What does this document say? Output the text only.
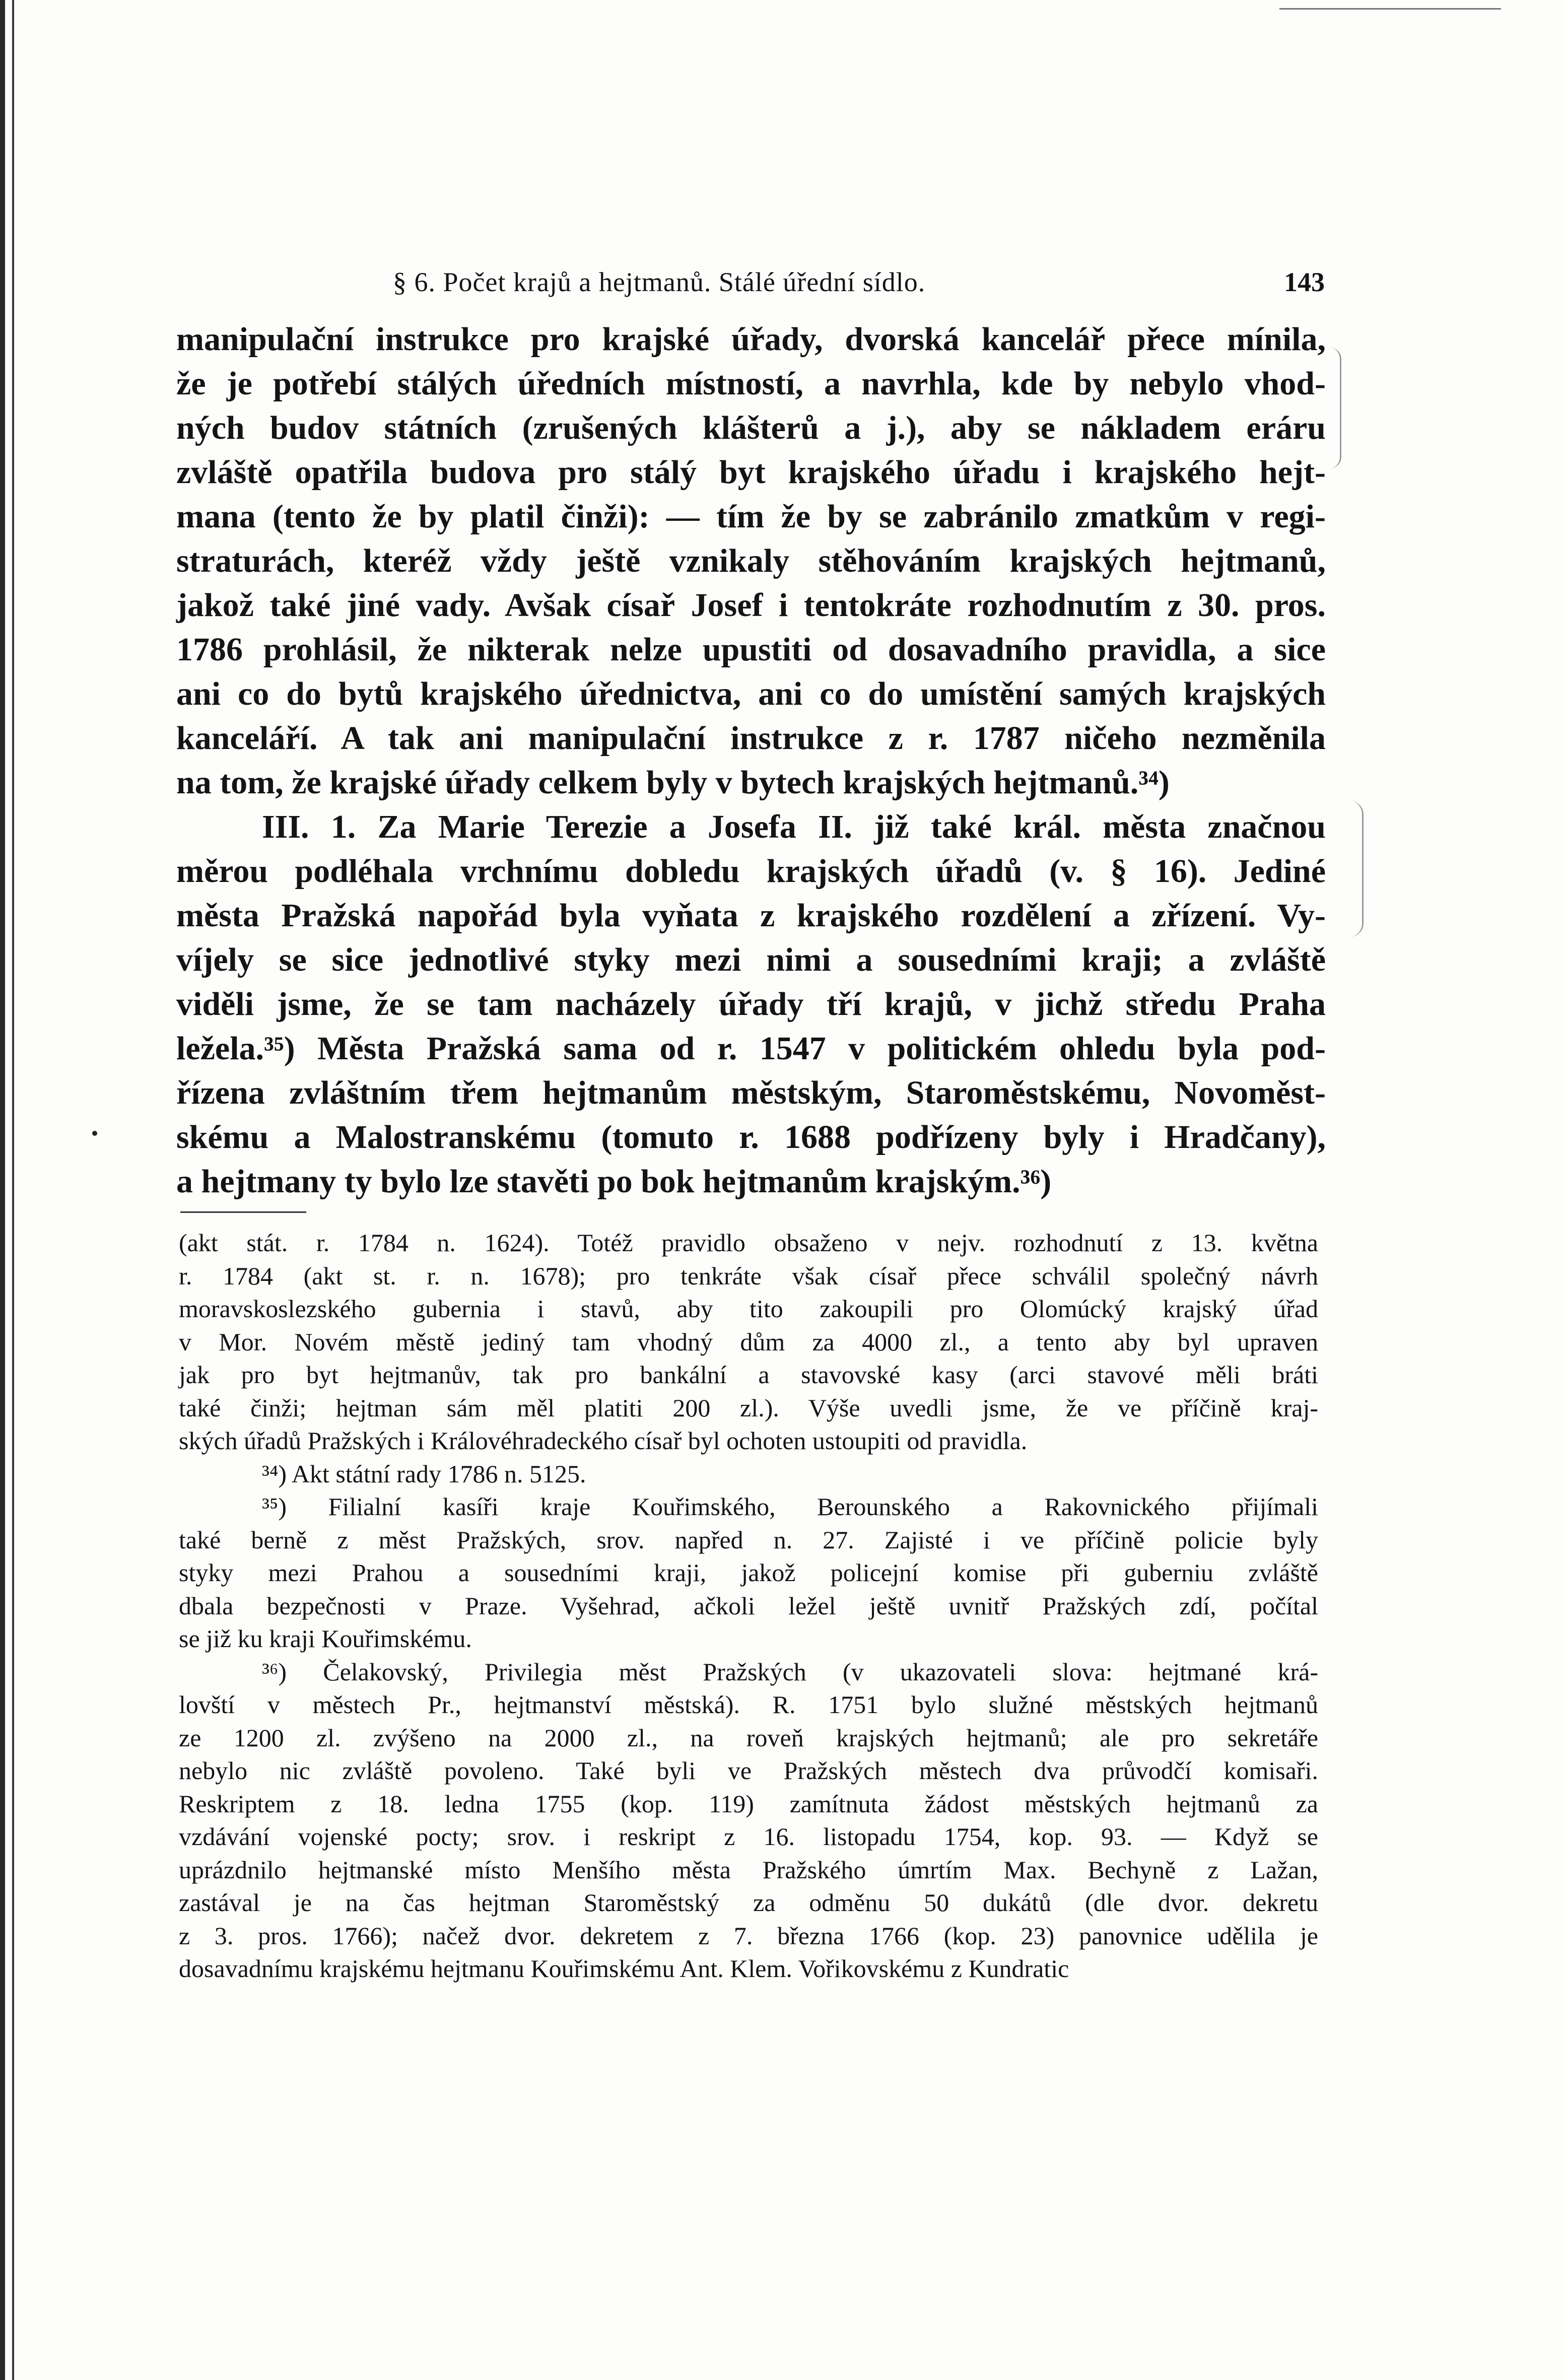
§ 6. Počet krajů a hejtmanů. Stálé úřední sídlo.	143
manipulační instrukce pro krajské úřady, dvorská kancelář přece mínila,
že je potřebí stálých úředních místností, a navrhla, kde by nebylo vhod-
ných budov státních (zrušených klášterů a j.), aby se nákladem eráru
zvláště opatřila budova pro stálý byt krajského úřadu i krajského hejt-
mana (tento že by platil činži): — tím že by se zabránilo zmatkům v regi-
straturách, kteréž vždy ještě vznikaly stěhováním krajských hejtmanů,
jakož také jiné vady. Avšak císař Josef i tentokráte rozhodnutím z 30. pros.
1786 prohlásil, že nikterak nelze upustiti od dosavadního pravidla, a sice
ani co do bytů krajského úřednictva, ani co do umístění samých krajských
kanceláří. A tak ani manipulační instrukce z r. 1787 ničeho nezměnila
na tom, že krajské úřady celkem byly v bytech krajských hejtmanů.³⁴)
III. 1. Za Marie Terezie a Josefa II. již také král. města značnou
měrou podléhala vrchnímu dobledu krajských úřadů (v. § 16). Jediné
města Pražská napořád byla vyňata z krajského rozdělení a zřízení. Vy-
víjely se sice jednotlivé styky mezi nimi a sousedními kraji; a zvláště
viděli jsme, že se tam nacházely úřady tří krajů, v jichž středu Praha
ležela.³⁵) Města Pražská sama od r. 1547 v politickém ohledu byla pod-
řízena zvláštním třem hejtmanům městským, Staroměstskému, Novoměst-
skému a Malostranskému (tomuto r. 1688 podřízeny byly i Hradčany),
a hejtmany ty bylo lze stavěti po bok hejtmanům krajským.³⁶)
(akt stát. r. 1784 n. 1624). Totéž pravidlo obsaženo v nejv. rozhodnutí z 13. května
r. 1784 (akt st. r. n. 1678); pro tenkráte však císař přece schválil společný návrh
moravskoslezského gubernia i stavů, aby tito zakoupili pro Olomúcký krajský úřad
v Mor. Novém městě jediný tam vhodný dům za 4000 zl., a tento aby byl upraven
jak pro byt hejtmanův, tak pro bankální a stavovské kasy (arci stavové měli bráti
také činži; hejtman sám měl platiti 200 zl.). Výše uvedli jsme, že ve příčině kraj-
ských úřadů Pražských i Královéhradeckého císař byl ochoten ustoupiti od pravidla.
³⁴) Akt státní rady 1786 n. 5125.
³⁵) Filialní kasíři kraje Kouřimského, Berounského a Rakovnického přijímali
také berně z měst Pražských, srov. napřed n. 27. Zajisté i ve příčině policie byly
styky mezi Prahou a sousedními kraji, jakož policejní komise při guberniu zvláště
dbala bezpečnosti v Praze. Vyšehrad, ačkoli ležel ještě uvnitř Pražských zdí, počítal
se již ku kraji Kouřimskému.
³⁶) Čelakovský, Privilegia měst Pražských (v ukazovateli slova: hejtmané krá-
lovští v městech Pr., hejtmanství městská). R. 1751 bylo služné městských hejtmanů
ze 1200 zl. zvýšeno na 2000 zl., na roveň krajských hejtmanů; ale pro sekretáře
nebylo nic zvláště povoleno. Také byli ve Pražských městech dva průvodčí komisaři.
Reskriptem z 18. ledna 1755 (kop. 119) zamítnuta žádost městských hejtmanů za
vzdávání vojenské pocty; srov. i reskript z 16. listopadu 1754, kop. 93. — Když se
uprázdnilo hejtmanské místo Menšího města Pražského úmrtím Max. Bechyně z Lažan,
zastával je na čas hejtman Staroměstský za odměnu 50 dukátů (dle dvor. dekretu
z 3. pros. 1766); načež dvor. dekretem z 7. března 1766 (kop. 23) panovnice udělila je
dosavadnímu krajskému hejtmanu Kouřimskému Ant. Klem. Vořikovskému z Kundratic
